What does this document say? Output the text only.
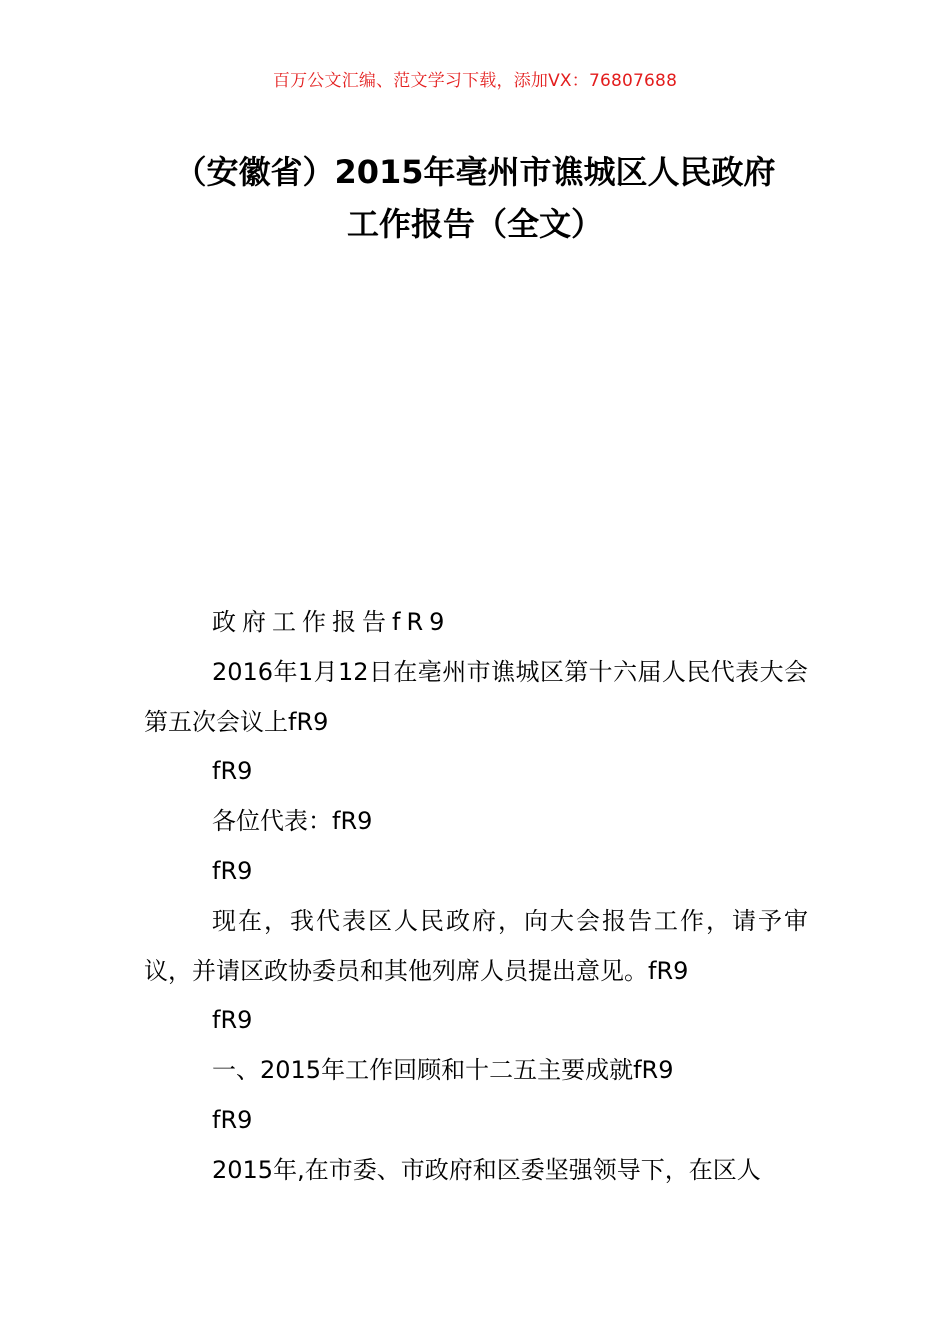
百万公文汇编、范文学习下载，添加VX：76807688
（安徽省）2015年亳州市谯城区人民政府
工作报告（全文）

政府工作报告fR9

2016年1月12日在亳州市谯城区第十六届人民代表大会第五次会议上fR9

fR9

各位代表：fR9

fR9

现在，我代表区人民政府，向大会报告工作，请予审议，并请区政协委员和其他列席人员提出意见。fR9

fR9

一、2015年工作回顾和十二五主要成就fR9

fR9

2015年,在市委、市政府和区委坚强领导下，在区人
